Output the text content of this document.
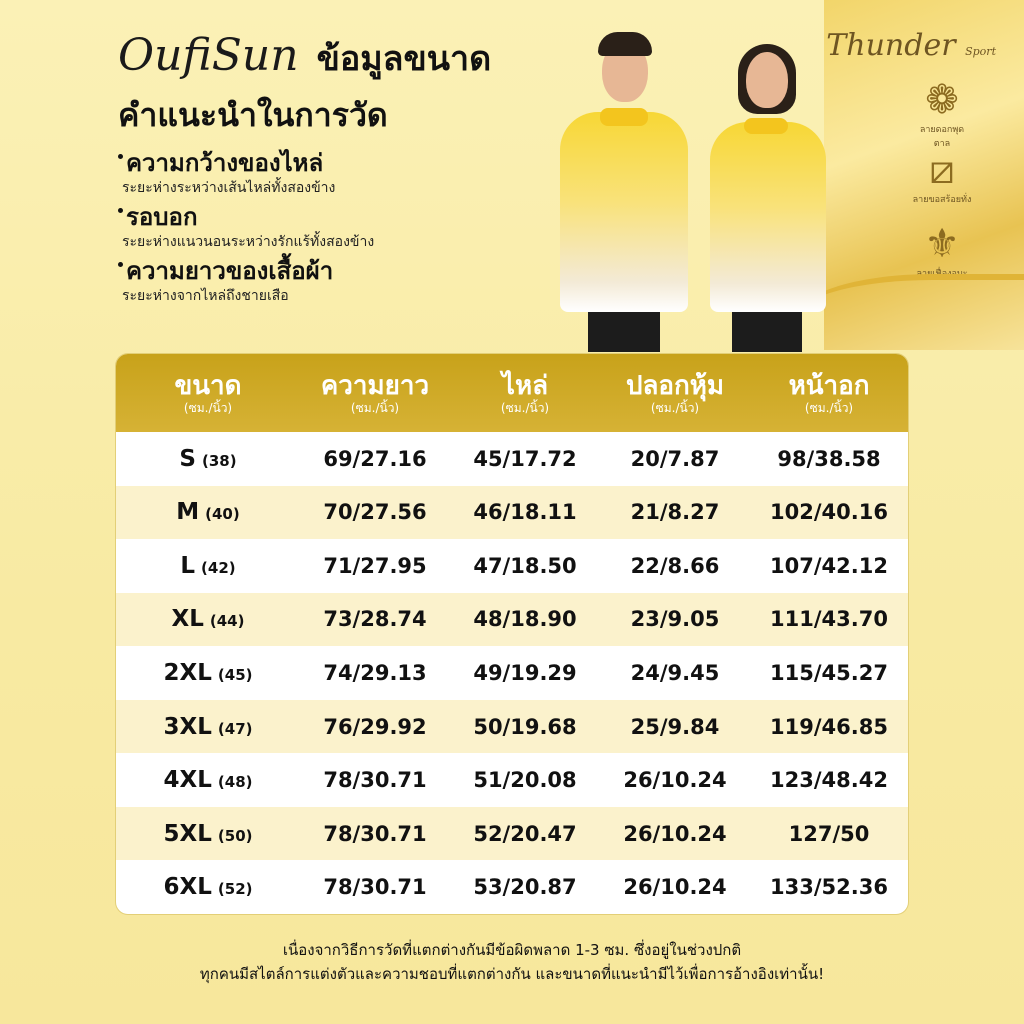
OufiSun ข้อมูลขนาด
คำแนะนำในการวัด
ความกว้างของไหล่
ระยะห่างระหว่างเส้นไหล่ทั้งสองข้าง
รอบอก
ระยะห่างแนวนอนระหว่างรักแร้ทั้งสองข้าง
ความยาวของเสื้อผ้า
ระยะห่างจากไหล่ถึงชายเสือ
Thunder Sport
❁
ลายดอกพุดตาล
⧄
ลายขอสร้อยทั่ง
⚜
ลายเฟื่องอุบะ
ขนาด
(ซม./นิ้ว)
ความยาว
(ซม./นิ้ว)
ไหล่
(ซม./นิ้ว)
ปลอกหุ้ม
(ซม./นิ้ว)
หน้าอก
(ซม./นิ้ว)
S (38)	69/27.16	45/17.72	20/7.87	98/38.58
M (40)	70/27.56	46/18.11	21/8.27	102/40.16
L (42)	71/27.95	47/18.50	22/8.66	107/42.12
XL (44)	73/28.74	48/18.90	23/9.05	111/43.70
2XL (45)	74/29.13	49/19.29	24/9.45	115/45.27
3XL (47)	76/29.92	50/19.68	25/9.84	119/46.85
4XL (48)	78/30.71	51/20.08	26/10.24	123/48.42
5XL (50)	78/30.71	52/20.47	26/10.24	127/50
6XL (52)	78/30.71	53/20.87	26/10.24	133/52.36
เนื่องจากวิธีการวัดที่แตกต่างกันมีข้อผิดพลาด 1-3 ซม. ซึ่งอยู่ในช่วงปกติ
ทุกคนมีสไตล์การแต่งตัวและความชอบที่แตกต่างกัน และขนาดที่แนะนำมีไว้เพื่อการอ้างอิงเท่านั้น!
